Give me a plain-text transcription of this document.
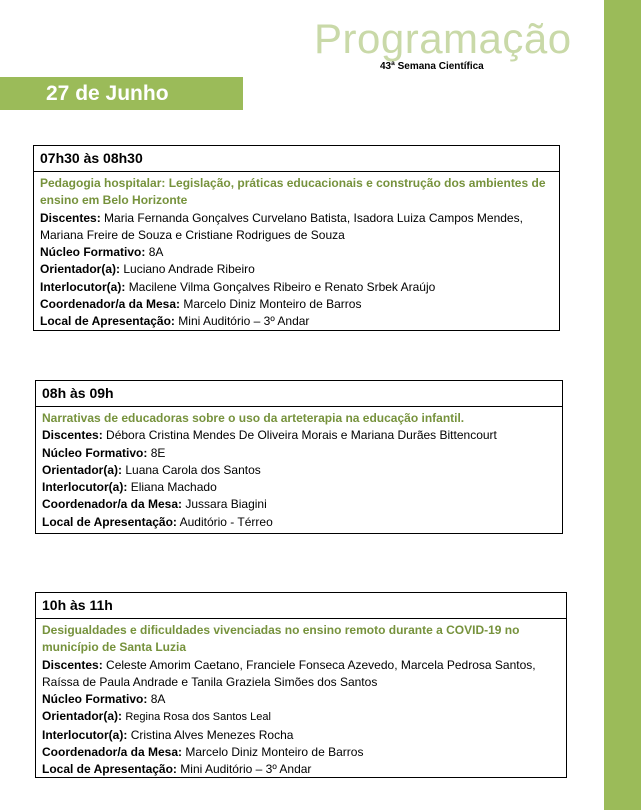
Programação
43ª Semana Científica
27 de Junho
07h30 às 08h30
Pedagogia hospitalar: Legislação, práticas educacionais e construção dos ambientes de ensino em Belo Horizonte
Discentes: Maria Fernanda Gonçalves Curvelano Batista, Isadora Luiza Campos Mendes, Mariana Freire de Souza e Cristiane Rodrigues de Souza
Núcleo Formativo: 8A
Orientador(a): Luciano Andrade Ribeiro
Interlocutor(a): Macilene Vilma Gonçalves Ribeiro e Renato Srbek Araújo
Coordenador/a da Mesa: Marcelo Diniz Monteiro de Barros
Local de Apresentação: Mini Auditório – 3º Andar
08h às 09h
Narrativas de educadoras sobre o uso da arteterapia na educação infantil.
Discentes: Débora Cristina Mendes De Oliveira Morais e Mariana Durães Bittencourt
Núcleo Formativo: 8E
Orientador(a): Luana Carola dos Santos
Interlocutor(a): Eliana Machado
Coordenador/a da Mesa: Jussara Biagini
Local de Apresentação: Auditório - Térreo
10h às 11h
Desigualdades e dificuldades vivenciadas no ensino remoto durante a COVID-19 no município de Santa Luzia
Discentes: Celeste Amorim Caetano, Franciele Fonseca Azevedo, Marcela Pedrosa Santos, Raíssa de Paula Andrade e Tanila Graziela Simões dos Santos
Núcleo Formativo: 8A
Orientador(a): Regina Rosa dos Santos Leal
Interlocutor(a): Cristina Alves Menezes Rocha
Coordenador/a da Mesa: Marcelo Diniz Monteiro de Barros
Local de Apresentação: Mini Auditório – 3º Andar
